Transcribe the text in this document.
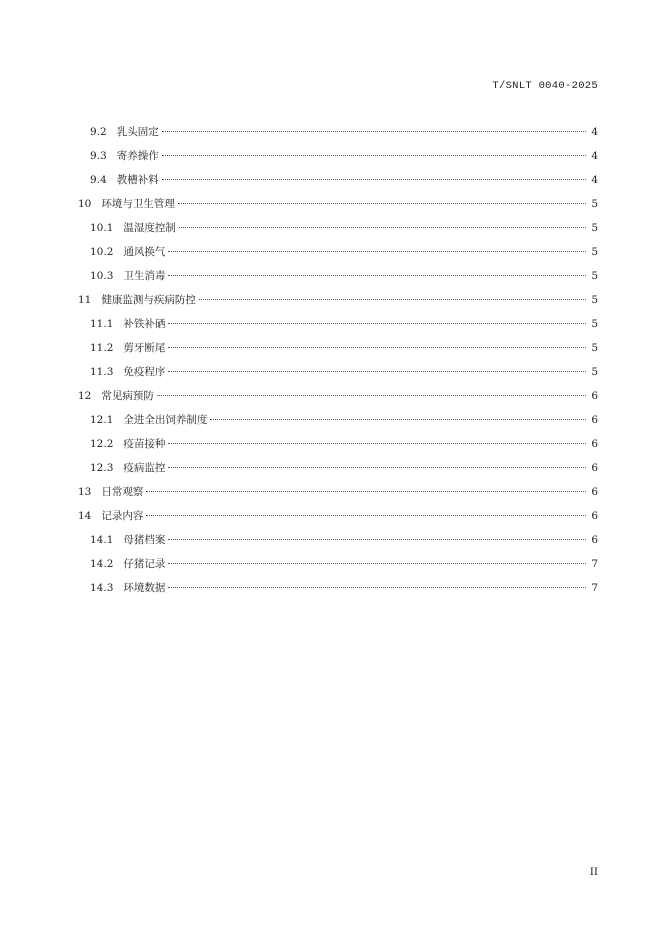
T/SNLT 0040-2025
9.2 乳头固定	4
9.3 寄养操作	4
9.4 教槽补料	4
10 环境与卫生管理	5
10.1 温湿度控制	5
10.2 通风换气	5
10.3 卫生消毒	5
11 健康监测与疾病防控	5
11.1 补铁补硒	5
11.2 剪牙断尾	5
11.3 免疫程序	5
12 常见病预防	6
12.1 全进全出饲养制度	6
12.2 疫苗接种	6
12.3 疫病监控	6
13 日常观察	6
14 记录内容	6
14.1 母猪档案	6
14.2 仔猪记录	7
14.3 环境数据	7
II
